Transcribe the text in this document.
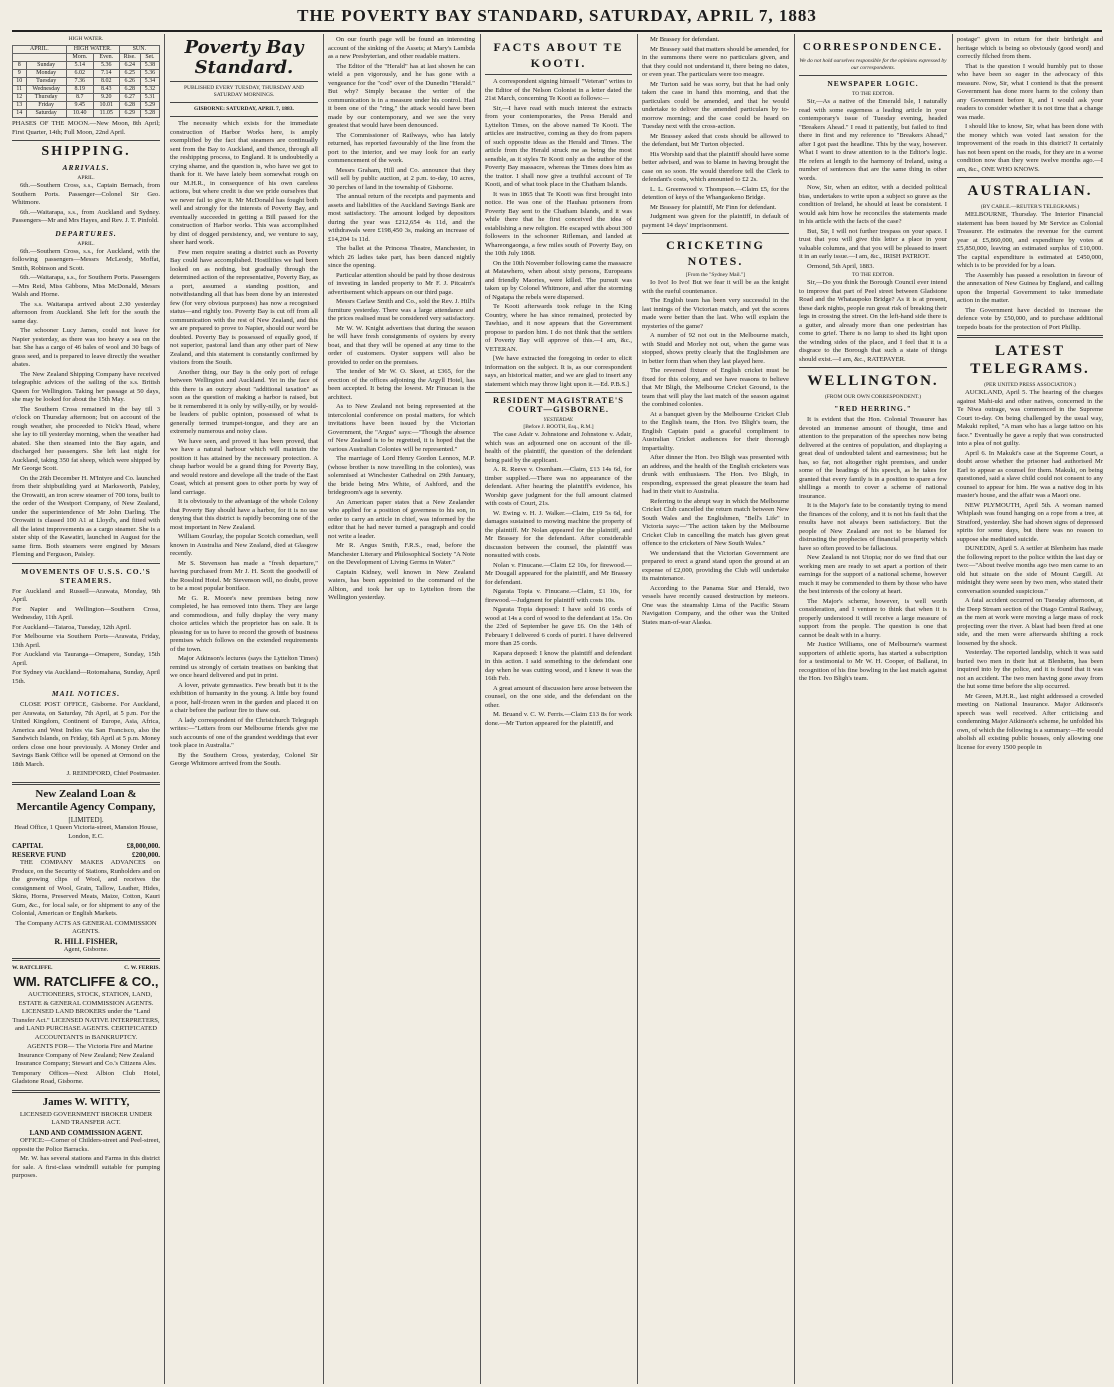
THE POVERTY BAY STANDARD, SATURDAY, APRIL 7, 1883
HIGH WATER.
APRIL.		HIGH WATER.		SUN.	
		Morn.	Even.	Rise.	Set.
8	Sunday	5.14	5.36	6.24	5.38
9	Monday	6.02	7.14	6.25	5.36
10	Tuesday	7.36	8.02	6.26	5.34
11	Wednesday	8.19	8.43	6.28	5.32
12	Thursday	8.7	9.20	6.27	5.31
13	Friday	9.45	10.01	6.28	5.29
14	Saturday	10.40	11.05	6.29	5.28

PHASES OF THE MOON.—New Moon, 8th April; First Quarter, 14th; Full Moon, 22nd April.

SHIPPING.
ARRIVALS.
APRIL.

6th.—Southern Cross, s.s., Captain Bernach, from Southern Ports. Passenger—Colonel Sir Geo. Whitmore.

6th.—Waitarapa, s.s., from Auckland and Sydney. Passengers—Mr and Mrs Hayes, and Rev. J. T. Pinfold.

DEPARTURES.
APRIL.

6th.—Southern Cross, s.s., for Auckland, with the following passengers—Messrs McLeody, Moffat, Smith, Robinson and Scott.

6th.—Waitarapa, s.s., for Southern Ports. Passengers—Mrs Reid, Miss Gibbons, Miss McDonald, Messrs Walsh and Horne.

The s.s. Waitarapa arrived about 2.30 yesterday afternoon from Auckland. She left for the south the same day.

The schooner Lucy James, could not leave for Napier yesterday, as there was too heavy a sea on the bar. She has a cargo of 46 bales of wool and 30 bags of grass seed, and is prepared to leave directly the weather abates.

The New Zealand Shipping Company have received telegraphic advices of the sailing of the s.s. British Queen for Wellington. Taking her passage at 50 days, she may be looked for about the 15th May.

The Southern Cross remained in the bay till 3 o'clock on Thursday afternoon; but on account of the rough weather, she proceeded to Nick's Head, where she lay to till yesterday morning, when the weather had abated. She then steamed into the Bay again, and discharged her passengers. She left last night for Auckland, taking 350 fat sheep, which were shipped by Mr George Scott.

On the 26th December H. M'Intyre and Co. launched from their shipbuilding yard at Marksworth, Paisley, the Orowaiti, an iron screw steamer of 700 tons, built to the order of the Westport Company, of New Zealand, under the superintendence of Mr John Darling. The Orowaiti is classed 100 A1 at Lloyd's, and fitted with all the latest improvements as a cargo steamer. She is a sister ship of the Kawatiri, launched in August for the same firm. Both steamers were engined by Messrs Fleming and Ferguson, Paisley.

MOVEMENTS OF U.S.S. CO.'S STEAMERS.

For Auckland and Russell—Arawata, Monday, 9th April.

For Napier and Wellington—Southern Cross, Wednesday, 11th April.

For Auckland—Taiaroa, Tuesday, 12th April.

For Melbourne via Southern Ports—Arawata, Friday, 13th April.

For Auckland via Tauranga—Omapere, Sunday, 15th April.

For Sydney via Auckland—Rotomahana, Sunday, April 15th.

MAIL NOTICES.

CLOSE POST OFFICE, Gisborne. For Auckland, per Arawata, on Saturday, 7th April, at 5 p.m. For the United Kingdom, Continent of Europe, Asia, Africa, America and West Indies via San Francisco, also the Sandwich Islands, on Friday, 6th April at 5 p.m. Money orders close one hour previously. A Money Order and Savings Bank Office will be opened at Ormond on the 18th March.

J. REINDFORD, Chief Postmaster.

New Zealand Loan & Mercantile Agency Company,
[LIMITED].

Head Office, 1 Queen Victoria-street, Mansion House, London, E.C.

CAPITAL	£8,000,000.
RESERVE FUND	£200,000.

THE COMPANY MAKES ADVANCES on Produce, on the Security of Stations, Runholders and on the growing clips of Wool, and receives the consignment of Wool, Grain, Tallow, Leather, Hides, Skins, Horns, Preserved Meats, Maize, Cotton, Kauri Gum, &c., for local sale, or for shipment to any of the Colonial, American or English Markets.

The Company ACTS AS GENERAL COMMISSION AGENTS.

R. HILL FISHER,
Agent, Gisborne.
W. RATCLIFFE.	C. W. FERRIS.
WM. RATCLIFFE & CO.,

AUCTIONEERS, STOCK, STATION, LAND, ESTATE & GENERAL COMMISSION AGENTS. LICENSED LAND BROKERS under the "Land Transfer Act." LICENSED NATIVE INTERPRETERS, and LAND PURCHASE AGENTS. CERTIFICATED ACCOUNTANTS in BANKRUPTCY.

AGENTS FOR— The Victoria Fire and Marine Insurance Company of New Zealand; New Zealand Insurance Company; Stewart and Co.'s Citizens Ales.

Temporary Offices—Next Albion Club Hotel, Gladstone Road, Gisborne.

James W. WITTY,

LICENSED GOVERNMENT BROKER UNDER LAND TRANSFER ACT.

LAND AND COMMISSION AGENT.

OFFICE:—Corner of Childers-street and Peel-street, opposite the Police Barracks.

Mr. W. has several stations and Farms in this district for sale. A first-class windmill suitable for pumping purposes.

Poverty Bay Standard.
PUBLISHED EVERY TUESDAY, THURSDAY AND SATURDAY MORNINGS.
GISBORNE: SATURDAY, APRIL 7, 1883.

The necessity which exists for the immediate construction of Harbor Works here, is amply exemplified by the fact that steamers are continually sent from the Bay to Auckland, and thence, through all the reshipping process, to England. It is undoubtedly a crying shame, and the question is, who have we got to thank for it. We have lately been somewhat rough on our M.H.R., in consequence of his own careless actions, but where credit is due we pride ourselves that we never fail to give it. Mr McDonald has fought both well and strongly for the interests of Poverty Bay, and eventually succeeded in getting a Bill passed for the construction of Harbor works. This was accomplished by dint of dogged persistency, and, we venture to say, sheer hard work.

Few men require seating a district such as Poverty Bay could have accomplished. Hostilities we had been looked on as nothing, but gradually through the determined action of the representative, Poverty Bay, as a port, assumed a standing position, and notwithstanding all that has been done by an interested few (for very obvious purposes) has now a recognised status—and rightly too. Poverty Bay is cut off from all communication with the rest of New Zealand, and this we are prepared to prove to Napier, should our word be doubted. Poverty Bay is possessed of equally good, if not superior, pastoral land than any other part of New Zealand, and this statement is constantly confirmed by visitors from the South.

Another thing, our Bay is the only port of refuge between Wellington and Auckland. Yet in the face of this there is an outcry about "additional taxation" as soon as the question of making a harbor is raised, but be it remembered it is only by willy-nilly, or by would-be leaders of public opinion, possessed of what is generally termed trumpet-tongue, and they are an extremely numerous and noisy class.

We have seen, and proved it has been proved, that we have a natural harbour which will maintain the position it has attained by the necessary protection. A cheap harbor would be a grand thing for Poverty Bay, and would restore and develope all the trade of the East Coast, which at present goes to other ports by way of land carriage.

It is obviously to the advantage of the whole Colony that Poverty Bay should have a harbor, for it is no use denying that this district is rapidly becoming one of the most important in New Zealand.

William Gourlay, the popular Scotch comedian, well known in Australia and New Zealand, died at Glasgow recently.

Mr S. Stevenson has made a "fresh departure," having purchased from Mr J. H. Scott the goodwill of the Rosslind Hotel. Mr Stevenson will, no doubt, prove to be a most popular boniface.

Mr G. R. Moore's new premises being now completed, he has removed into them. They are large and commodious, and fully display the very many choice articles which the proprietor has on sale. It is pleasing for us to have to record the growth of business premises which follows on the extended requirements of the town.

Major Atkinson's lectures (says the Lyttelton Times) remind us strongly of certain treatises on banking that we once heard delivered and put in print.

A lover, private gymnastics. Few breath but it is the exhibition of humanity in the young. A little boy found a poor, half-frozen wren in the garden and placed it on a chair before the parlour fire to thaw out.

A lady correspondent of the Christchurch Telegraph writes:—"Letters from our Melbourne friends give me such accounts of one of the grandest weddings that ever took place in Australia."

By the Southern Cross, yesterday, Colonel Sir George Whitmore arrived from the South.

On our fourth page will be found an interesting account of the sinking of the Assets; at Mary's Lambda as a new Presbyterian, and other readable matters.

The Editor of the "Herald" has at last shown he can wield a pen vigorously, and he has gone with a vengeance for the "cod" over of the Dunedin "Herald." But why? Simply because the writer of the communication is in a measure under his control. Had it been one of the "ring," the attack would have been made by our contemporary, and we see the very greatest that would have been denounced.

The Commissioner of Railways, who has lately returned, has reported favourably of the line from the port to the interior, and we may look for an early commencement of the work.

Messrs Graham, Hill and Co. announce that they will sell by public auction, at 2 p.m. to-day, 10 acres, 30 perches of land in the township of Gisborne.

The annual return of the receipts and payments and assets and liabilities of the Auckland Savings Bank are most satisfactory. The amount lodged by depositors during the year was £212,654 4s 11d, and the withdrawals were £198,450 3s, making an increase of £14,204 1s 11d.

The ballet at the Princess Theatre, Manchester, in which 26 ladies take part, has been danced nightly since the opening.

Particular attention should be paid by those desirous of investing in landed property to Mr F. J. Pitcairn's advertisement which appears on our third page.

Messrs Carlaw Smith and Co., sold the Rev. J. Hill's furniture yesterday. There was a large attendance and the prices realised must be considered very satisfactory.

Mr W. W. Knight advertises that during the season he will have fresh consignments of oysters by every boat, and that they will be opened at any time to the order of customers. Oyster suppers will also be provided to order on the premises.

The tender of Mr W. O. Skeet, at £365, for the erection of the offices adjoining the Argyll Hotel, has been accepted. It being the lowest. Mr Finucan is the architect.

As to New Zealand not being represented at the intercolonial conference on postal matters, for which invitations have been issued by the Victorian Government, the "Argus" says:—"Though the absence of New Zealand is to be regretted, it is hoped that the various Australian Colonies will be represented."

The marriage of Lord Henry Gordon Lennox, M.P. (whose brother is now travelling in the colonies), was solemnised at Winchester Cathedral on 29th January, the bride being Mrs White, of Ashford, and the bridegroom's age is seventy.

An American paper states that a New Zealander who applied for a position of governess to his son, in order to carry an article in chief, was informed by the editor that he had never turned a paragraph and could not write a leader.

Mr R. Angus Smith, F.R.S., read, before the Manchester Literary and Philosophical Society "A Note on the Development of Living Germs in Water."

Captain Kidney, well known in New Zealand waters, has been appointed to the command of the Albion, and took her up to Lyttelton from the Wellington yesterday.

FACTS ABOUT TE KOOTI.

A correspondent signing himself "Veteran" writes to the Editor of the Nelson Colonist in a letter dated the 21st March, concerning Te Kooti as follows:—

Sir,—I have read with much interest the extracts from your contemporaries, the Press Herald and Lyttelton Times, on the above named Te Kooti. The articles are instructive, coming as they do from papers of such opposite ideas as the Herald and Times. The article from the Herald struck me as being the most sensible, as it styles Te Kooti only as the author of the Poverty Bay massacre, whereas the Times does him as the traitor. I shall now give a truthful account of Te Kooti, and of what took place in the Chatham Islands.

It was in 1865 that Te Kooti was first brought into notice. He was one of the Hauhau prisoners from Poverty Bay sent to the Chatham Islands, and it was while there that he first conceived the idea of establishing a new religion. He escaped with about 300 followers in the schooner Rifleman, and landed at Whareongaonga, a few miles south of Poverty Bay, on the 10th July 1868.

On the 10th November following came the massacre at Matawhero, when about sixty persons, Europeans and friendly Maories, were killed. The pursuit was taken up by Colonel Whitmore, and after the storming of Ngatapa the rebels were dispersed.

Te Kooti afterwards took refuge in the King Country, where he has since remained, protected by Tawhiao, and it now appears that the Government propose to pardon him. I do not think that the settlers of Poverty Bay will approve of this.—I am, &c., VETERAN.

[We have extracted the foregoing in order to elicit information on the subject. It is, as our correspondent says, an historical matter, and we are glad to insert any statement which may throw light upon it.—Ed. P.B.S.]

RESIDENT MAGISTRATE'S COURT—GISBORNE.
YESTERDAY.
[Before J. BOOTH, Esq., R.M.]

The case Adair v. Johnstone and Johnstone v. Adair, which was an adjourned one on account of the ill-health of the plaintiff, the question of the defendant being paid by the applicant.

A. R. Reeve v. Oxenham.—Claim, £13 14s 6d, for timber supplied.—There was no appearance of the defendant. After hearing the plaintiff's evidence, his Worship gave judgment for the full amount claimed with costs of Court, 21s.

W. Ewing v. H. J. Walker.—Claim, £19 5s 6d, for damages sustained to mowing machine the property of the plaintiff. Mr Nolan appeared for the plaintiff, and Mr Brassey for the defendant. After considerable discussion between the counsel, the plaintiff was nonsuited with costs.

Nolan v. Finucane.—Claim £2 10s, for firewood.—Mr Dougall appeared for the plaintiff, and Mr Brassey for defendant.

Ngarata Topia v. Finucane.—Claim, £1 10s, for firewood.—Judgment for plaintiff with costs 10s.

Ngarata Topia deposed: I have sold 16 cords of wood at 14s a cord of wood to the defendant at 15s. On the 23rd of September he gave £6. On the 14th of February I delivered 6 cords of puriri. I have delivered more than 25 cords.

Kapara deposed: I know the plaintiff and defendant in this action. I said something to the defendant one day when he was cutting wood, and I knew it was the 16th Feb.

A great amount of discussion here arose between the counsel, on the one side, and the defendant on the other.

M. Bruand v. C. W. Ferris.—Claim £13 8s for work done.—Mr Turton appeared for the plaintiff, and

Mr Brassey for defendant.

Mr Brassey said that matters should be amended, for in the summons there were no particulars given, and that they could not understand it, there being no dates, or even year. The particulars were too meagre.

Mr Turton said he was sorry, but that he had only taken the case in hand this morning, and that the particulars could be amended, and that he would undertake to deliver the amended particulars by to-morrow morning; and the case could be heard on Tuesday next with the cross-action.

Mr Brassey asked that costs should be allowed to the defendant, but Mr Turton objected.

His Worship said that the plaintiff should have some better advised, and was to blame in having brought the case on so soon. He would therefore tell the Clerk to defendant's costs, which amounted to £2 2s.

L. L. Greenwood v. Thompson.—Claim £5, for the detention of keys of the Whangaokeno Bridge.

Mr Brassey for plaintiff, Mr Finn for defendant.

Judgment was given for the plaintiff, in default of payment 14 days' imprisonment.

CRICKETING NOTES.
[From the "Sydney Mail."]

Io Ivo! Io Ivo! But we fear it will be as the knight with the rueful countenance.

The English team has been very successful in the last innings of the Victorian match, and yet the scores made were better than the last. Who will explain the mysteries of the game?

A number of 92 not out in the Melbourne match, with Studd and Morley not out, when the game was stopped, shows pretty clearly that the Englishmen are in better form than when they last played here.

The reversed fixture of English cricket must be fixed for this colony, and we have reasons to believe that Mr Bligh, the Melbourne Cricket Ground, is the team that will play the last match of the season against the combined colonies.

At a banquet given by the Melbourne Cricket Club to the English team, the Hon. Ivo Bligh's team, the English Captain paid a graceful compliment to Australian Cricket audiences for their thorough impartiality.

After dinner the Hon. Ivo Bligh was presented with an address, and the health of the English cricketers was drunk with enthusiasm. The Hon. Ivo Bligh, in responding, expressed the great pleasure the team had had in their visit to Australia.

Referring to the abrupt way in which the Melbourne Cricket Club cancelled the return match between New South Wales and the Englishmen, "Bell's Life" in Victoria says:—"The action taken by the Melbourne Cricket Club in cancelling the match has given great offence to the cricketers of New South Wales."

We understand that the Victorian Government are prepared to erect a grand stand upon the ground at an expense of £2,000, providing the Club will undertake its maintenance.

According to the Panama Star and Herald, two vessels have recently caused destruction by meteors. One was the steamship Lima of the Pacific Steam Navigation Company, and the other was the United States man-of-war Alaska.

CORRESPONDENCE.
We do not hold ourselves responsible for the opinions expressed by our correspondents.
NEWSPAPER LOGIC.
TO THE EDITOR.

Sir,—As a native of the Emerald Isle, I naturally read with some eagerness a leading article in your contemporary's issue of Tuesday evening, headed "Breakers Ahead." I read it patiently, but failed to find there in first and my reference to "Breakers Ahead," after I got past the headline. This by the way, however. What I want to draw attention to is the Editor's logic. He refers at length to the harmony of Ireland, using a number of sentences that are the same thing in other words.

Now, Sir, when an editor, with a decided political bias, undertakes to write upon a subject so grave as the condition of Ireland, he should at least be consistent. I would ask him how he reconciles the statements made in his article with the facts of the case?

But, Sir, I will not further trespass on your space. I trust that you will give this letter a place in your valuable columns, and that you will be pleased to insert it in an early issue.—I am, &c., IRISH PATRIOT.

Ormond, 5th April, 1883.

TO THE EDITOR.

Sir,—Do you think the Borough Council ever intend to improve that part of Peel street between Gladstone Road and the Whataupoko Bridge? As it is at present, these dark nights, people run great risk of breaking their legs in crossing the street. On the left-hand side there is a gutter, and already more than one pedestrian has come to grief. There is no lamp to shed its light upon the winding sides of the place, and I feel that it is a disgrace to the Borough that such a state of things should exist.—I am, &c., RATEPAYER.

WELLINGTON.
(FROM OUR OWN CORRESPONDENT.)
"RED HERRING."

It is evident that the Hon. Colonial Treasurer has devoted an immense amount of thought, time and attention to the preparation of the speeches now being delivered at the centres of population, and displaying a great deal of undoubted talent and earnestness; but he has, so far, not altogether right premises, and under some of the headings of his speech, as he takes for granted that every family is in a position to spare a few shillings a month to cover a scheme of national insurance.

It is the Major's fate to be constantly trying to mend the finances of the colony, and it is not his fault that the results have not always been satisfactory. But the people of New Zealand are not to be blamed for distrusting the prophecies of financial prosperity which have so often proved to be fallacious.

New Zealand is not Utopia; nor do we find that our working men are ready to set apart a portion of their earnings for the support of a national scheme, however much it may be commended to them by those who have the best interests of the colony at heart.

The Major's scheme, however, is well worth consideration, and I venture to think that when it is properly understood it will receive a large measure of support from the people. The question is one that cannot be dealt with in a hurry.

Mr Justice Williams, one of Melbourne's warmest supporters of athletic sports, has started a subscription for a testimonial to Mr W. H. Cooper, of Ballarat, in recognition of his fine bowling in the last match against the Hon. Ivo Bligh's team.

postage" given in return for their birthright and heritage which is being so obviously (good word) and correctly filched from them.

That is the question I would humbly put to those who have been so eager in the advocacy of this measure. Now, Sir, what I contend is that the present Government has done more harm to the colony than any Government before it, and I would ask your readers to consider whether it is not time that a change was made.

I should like to know, Sir, what has been done with the money which was voted last session for the improvement of the roads in this district? It certainly has not been spent on the roads, for they are in a worse condition now than they were twelve months ago.—I am, &c., ONE WHO KNOWS.

AUSTRALIAN.
(BY CABLE.—REUTER'S TELEGRAMS.)

MELBOURNE, Thursday. The Interior Financial statement has been issued by Mr Service as Colonial Treasurer. He estimates the revenue for the current year at £5,860,000, and expenditure by votes at £5,850,000, leaving an estimated surplus of £10,000. The capital expenditure is estimated at £450,000, which is to be provided for by a loan.

The Assembly has passed a resolution in favour of the annexation of New Guinea by England, and calling upon the Imperial Government to take immediate action in the matter.

The Government have decided to increase the defence vote by £50,000, and to purchase additional torpedo boats for the protection of Port Phillip.

LATEST TELEGRAMS.
(PER UNITED PRESS ASSOCIATION.)

AUCKLAND, April 5. The hearing of the charges against Mahi-uki and other natives, concerned in the Te Niwa outrage, was commenced in the Supreme Court to-day. On being challenged by the usual way, Makuki replied, "A man who has a large tattoo on his face." Eventually he gave a reply that was constructed into a plea of not guilty.

April 6. In Makuki's case at the Supreme Court, a doubt arose whether the prisoner had authorised Mr Earl to appear as counsel for them. Makuki, on being questioned, said a slave child could not consent to any counsel to appear for him. He was a native dog in his master's house, and the affair was a Maori one.

NEW PLYMOUTH, April 5th. A woman named Whiplash was found hanging on a rope from a tree, at Stratford, yesterday. She had shown signs of depressed spirits for some days, but there was no reason to suppose she meditated suicide.

DUNEDIN, April 5. A settler at Blenheim has made the following report to the police within the last day or two:—"About twelve months ago two men came to an old hut situate on the side of Mount Cargill. At midnight they were seen by two men, who stated their conversation sounded suspicious."

A fatal accident occurred on Tuesday afternoon, at the Deep Stream section of the Otago Central Railway, as the men at work were moving a large mass of rock projecting over the river. A blast had been fired at one side, and the men were afterwards shifting a rock loosened by the shock.

Yesterday. The reported landslip, which it was said buried two men in their hut at Blenheim, has been inquired into by the police, and it is found that it was not an accident. The two men having gone away from the hut some time before the slip occurred.

Mr Green, M.H.R., last night addressed a crowded meeting on National Insurance. Major Atkinson's speech was well received. After criticising and condemning Major Atkinson's scheme, he unfolded his own, of which the following is a summary:—He would abolish all existing public houses, only allowing one license for every 1500 people in
